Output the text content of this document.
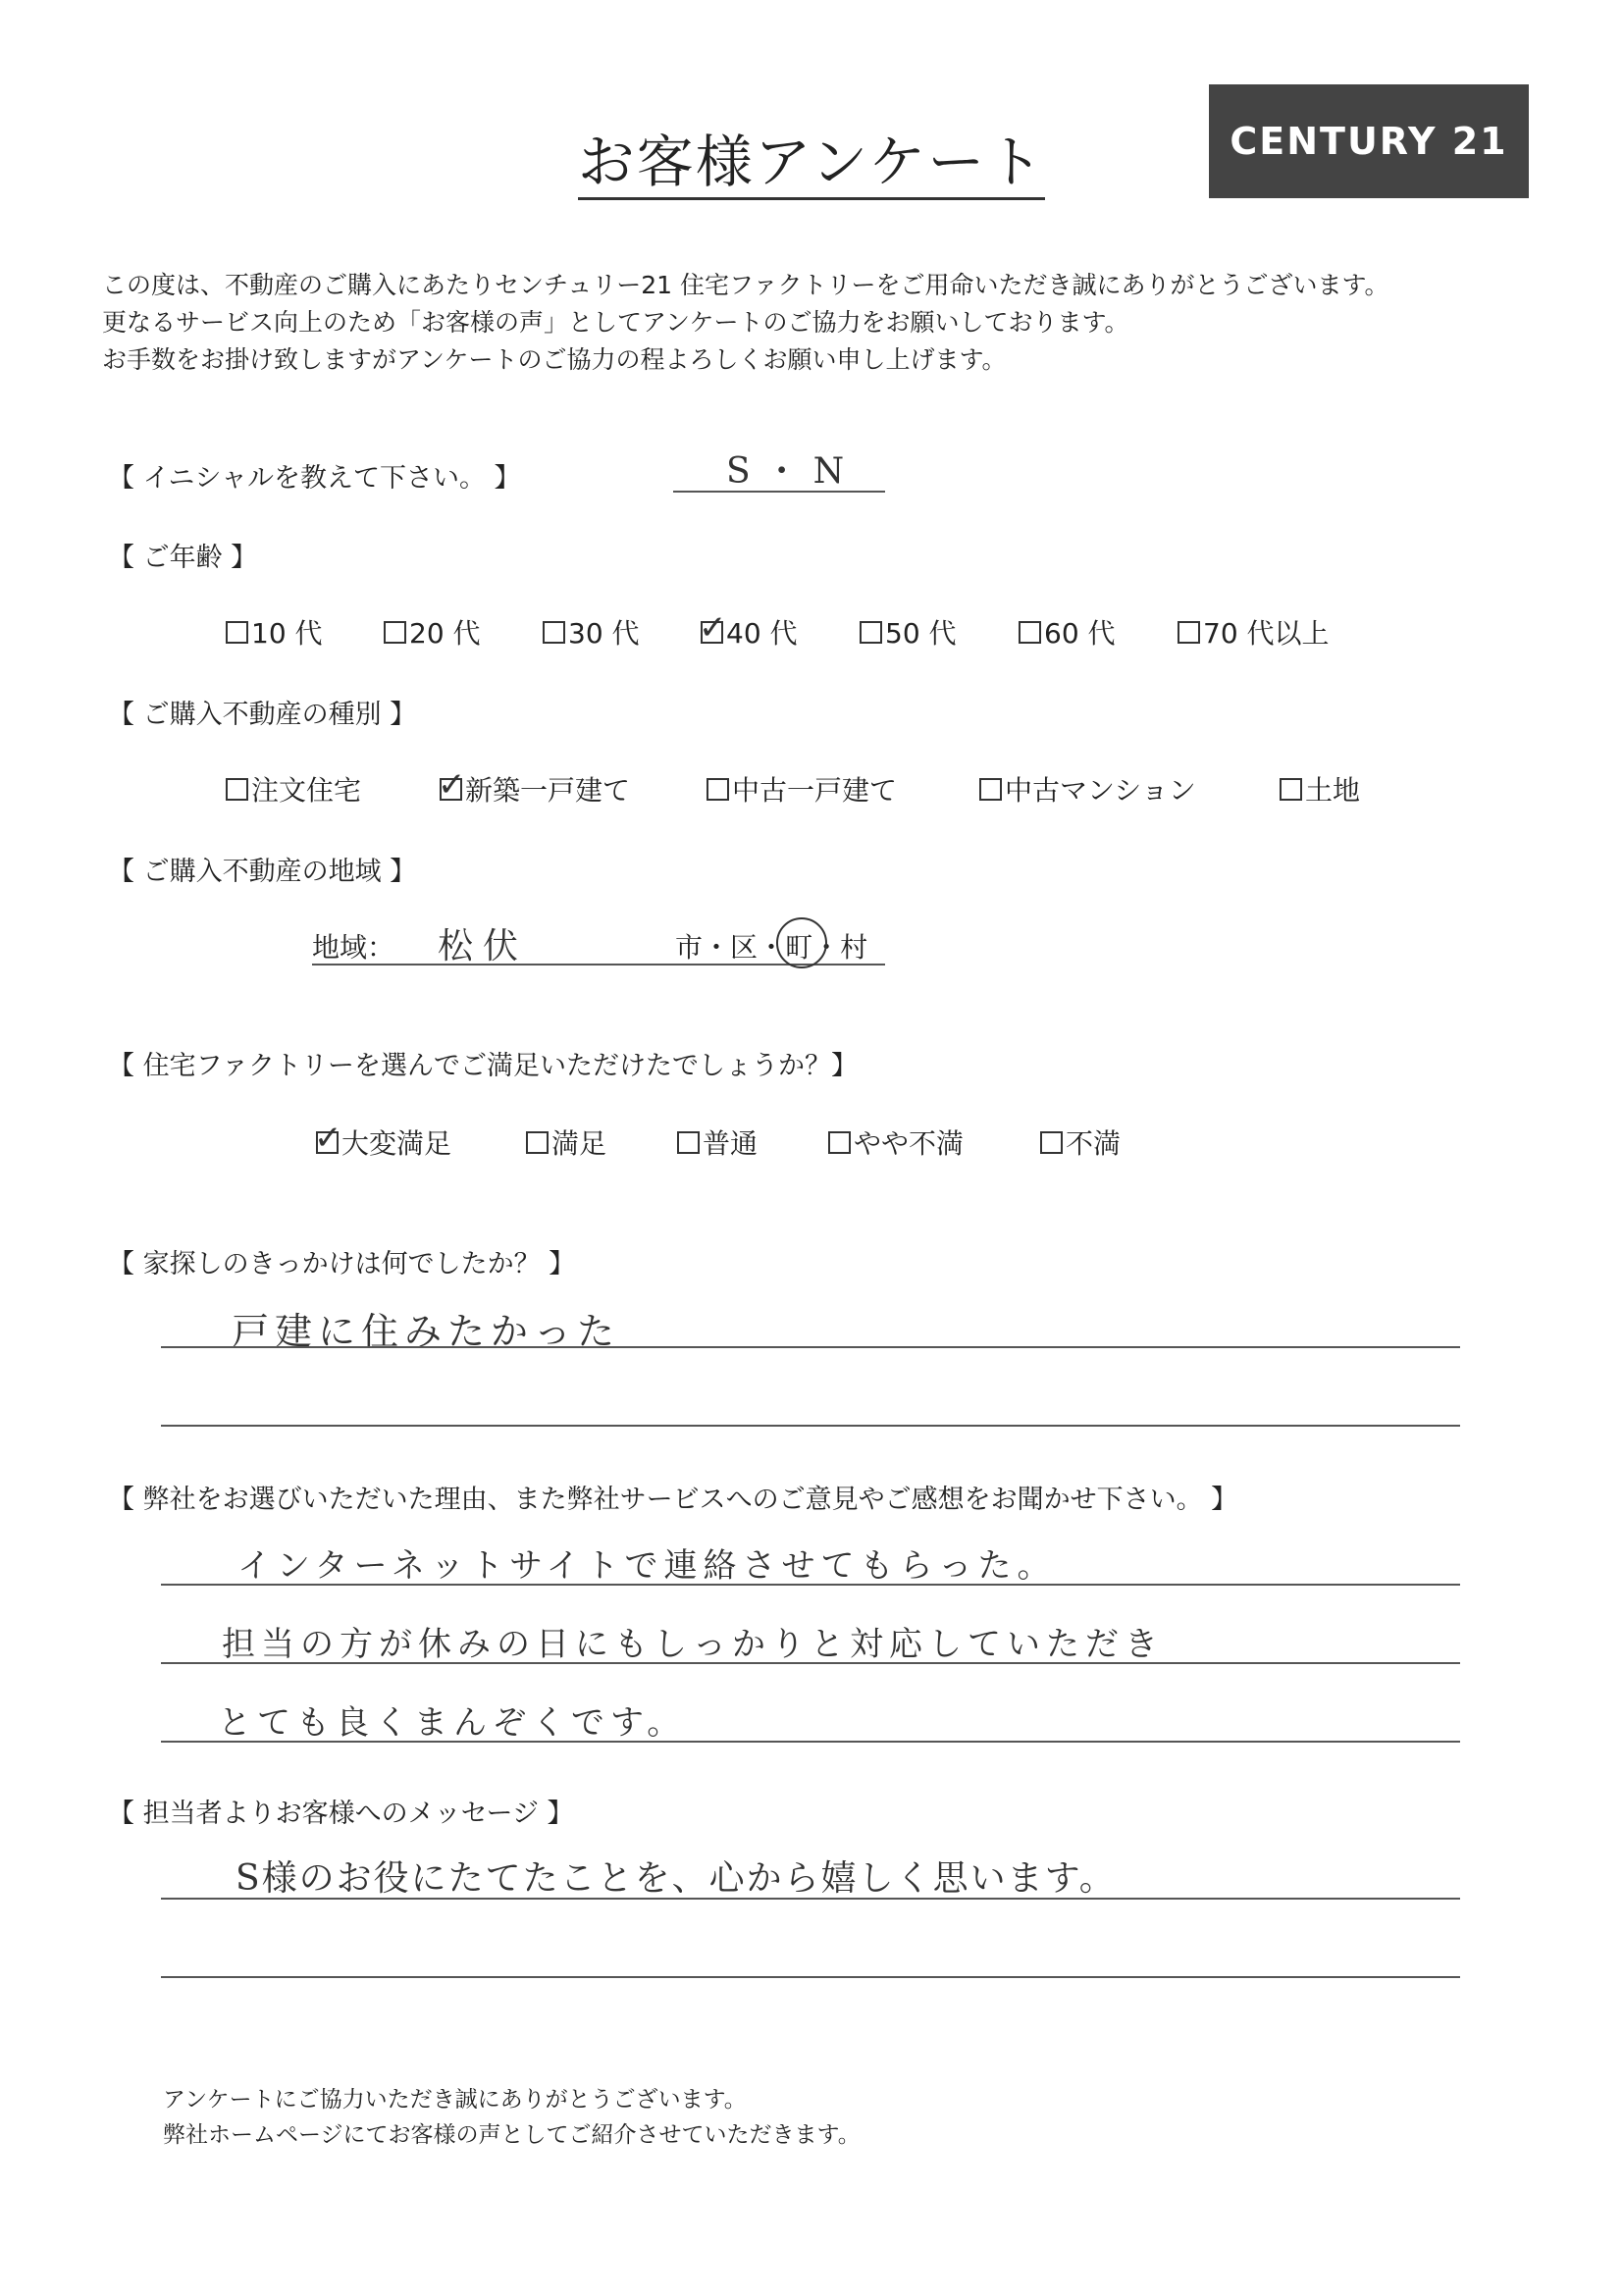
お客様アンケート	CENTURY 21
この度は、不動産のご購入にあたりセンチュリー21 住宅ファクトリーをご用命いただき誠にありがとうございます。
更なるサービス向上のため「お客様の声」としてアンケートのご協力をお願いしております。
お手数をお掛け致しますがアンケートのご協力の程よろしくお願い申し上げます。
【 イニシャルを教えて下さい。 】	S・N
【 ご年齢 】
10 代	20 代	30 代 ✓ 40 代	50 代	60 代	70 代以上
【 ご購入不動産の種別 】
注文住宅 ✓ 新築一戸建て	中古一戸建て	中古マンション	土地
【 ご購入不動産の地域 】
地域： 松伏	市・区・
町・村
【 住宅ファクトリーを選んでご満足いただけたでしょうか？】
✓ 大変満足	満足	普通	やや不満	不満
【 家探しのきっかけは何でしたか？ 】
戸建に住みたかった
【 弊社をお選びいただいた理由、また弊社サービスへのご意見やご感想をお聞かせ下さい。 】
インターネットサイトで連絡させてもらった。
担当の方が休みの日にもしっかりと対応していただき
とても良くまんぞくです。
【 担当者よりお客様へのメッセージ 】
S様のお役にたてたことを、心から嬉しく思います。
アンケートにご協力いただき誠にありがとうございます。
弊社ホームページにてお客様の声としてご紹介させていただきます。
